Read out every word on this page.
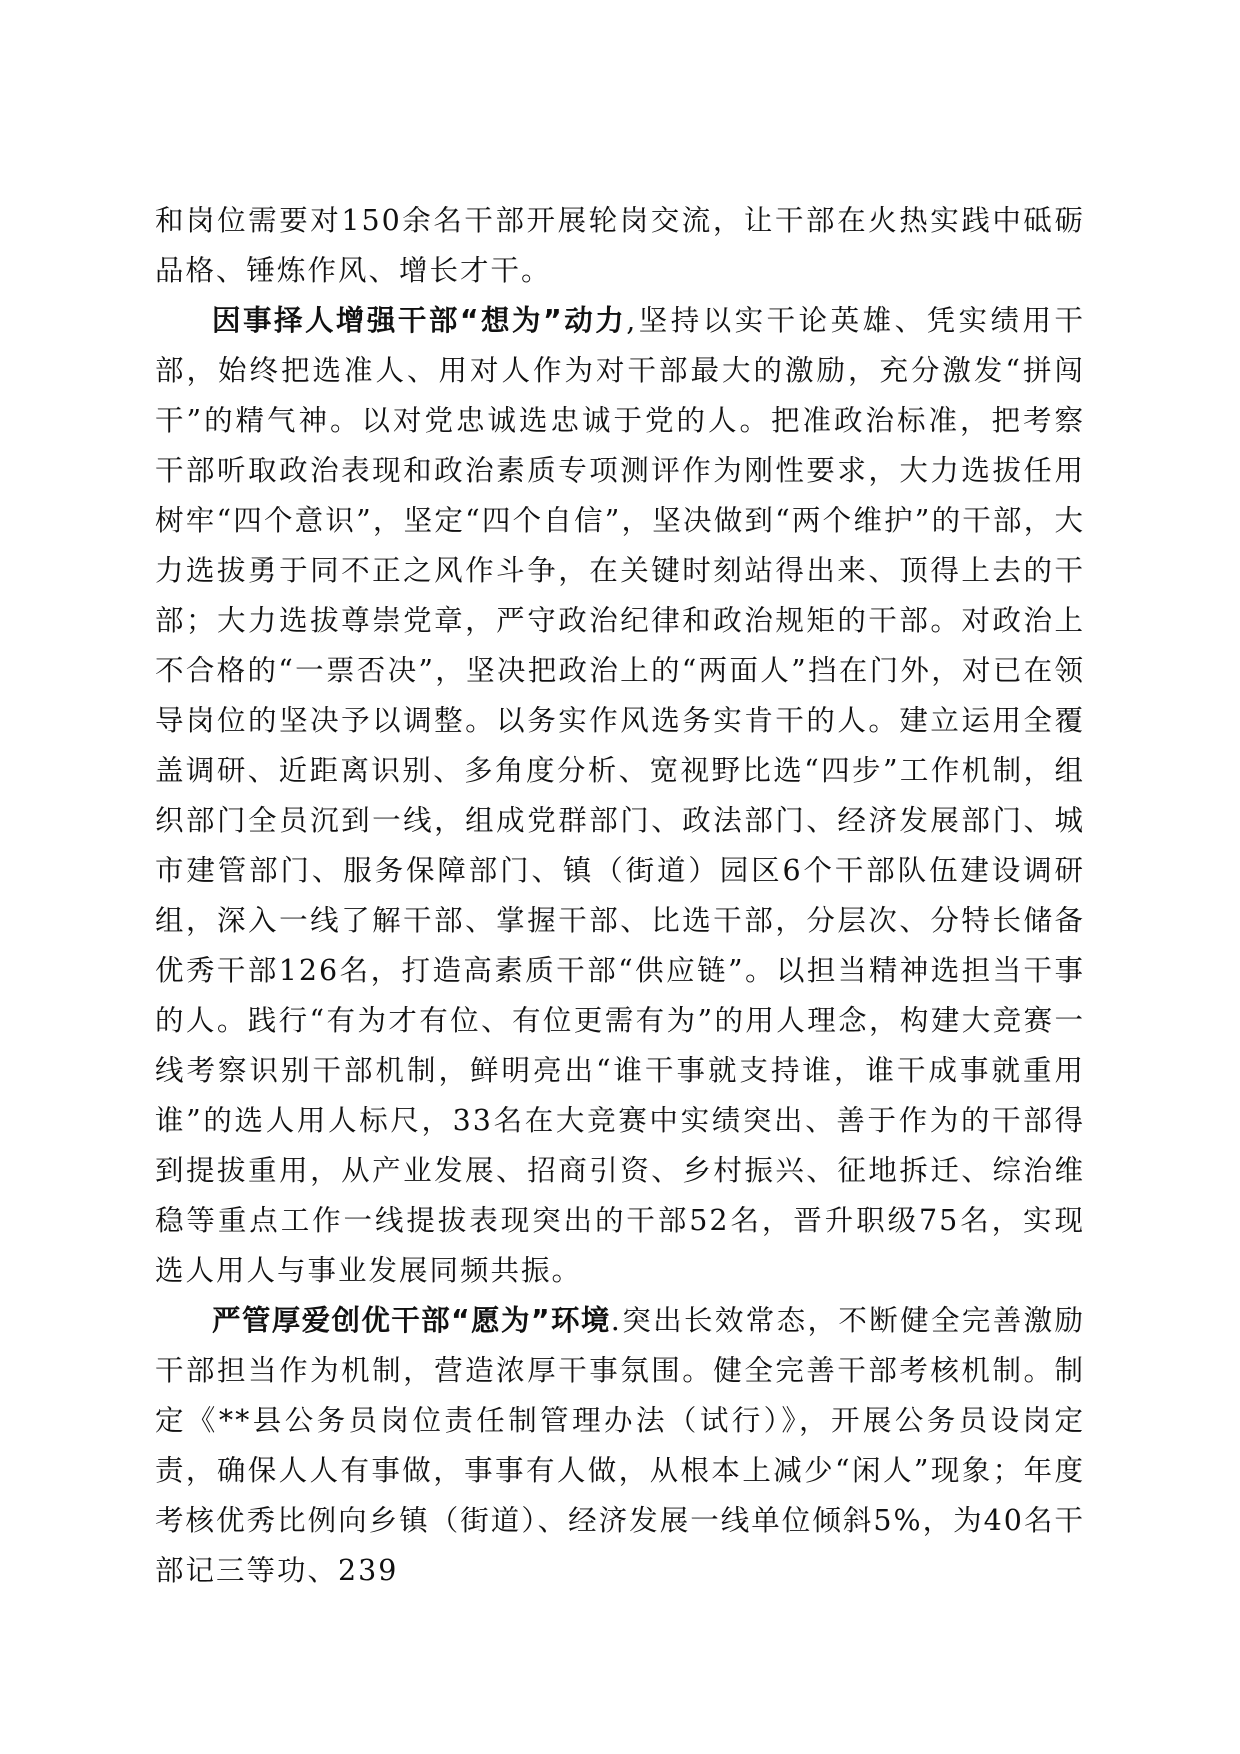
和岗位需要对150余名干部开展轮岗交流，让干部在火热实践中砥砺品格、锤炼作风、增长才干。

因事择人增强干部“想为”动力,坚持以实干论英雄、凭实绩用干部，始终把选准人、用对人作为对干部最大的激励，充分激发“拼闯干”的精气神。以对党忠诚选忠诚于党的人。把准政治标准，把考察干部听取政治表现和政治素质专项测评作为刚性要求，大力选拔任用树牢“四个意识”，坚定“四个自信”，坚决做到“两个维护”的干部，大力选拔勇于同不正之风作斗争，在关键时刻站得出来、顶得上去的干部；大力选拔尊崇党章，严守政治纪律和政治规矩的干部。对政治上不合格的“一票否决”，坚决把政治上的“两面人”挡在门外，对已在领导岗位的坚决予以调整。以务实作风选务实肯干的人。建立运用全覆盖调研、近距离识别、多角度分析、宽视野比选“四步”工作机制，组织部门全员沉到一线，组成党群部门、政法部门、经济发展部门、城市建管部门、服务保障部门、镇（街道）园区6个干部队伍建设调研组，深入一线了解干部、掌握干部、比选干部，分层次、分特长储备优秀干部126名，打造高素质干部“供应链”。以担当精神选担当干事的人。践行“有为才有位、有位更需有为”的用人理念，构建大竞赛一线考察识别干部机制，鲜明亮出“谁干事就支持谁，谁干成事就重用谁”的选人用人标尺，33名在大竞赛中实绩突出、善于作为的干部得到提拔重用，从产业发展、招商引资、乡村振兴、征地拆迁、综治维稳等重点工作一线提拔表现突出的干部52名，晋升职级75名，实现选人用人与事业发展同频共振。

严管厚爱创优干部“愿为”环境.突出长效常态，不断健全完善激励干部担当作为机制，营造浓厚干事氛围。健全完善干部考核机制。制定《**县公务员岗位责任制管理办法（试行）》，开展公务员设岗定责，确保人人有事做，事事有人做，从根本上减少“闲人”现象；年度考核优秀比例向乡镇（街道）、经济发展一线单位倾斜5%，为40名干部记三等功、239
